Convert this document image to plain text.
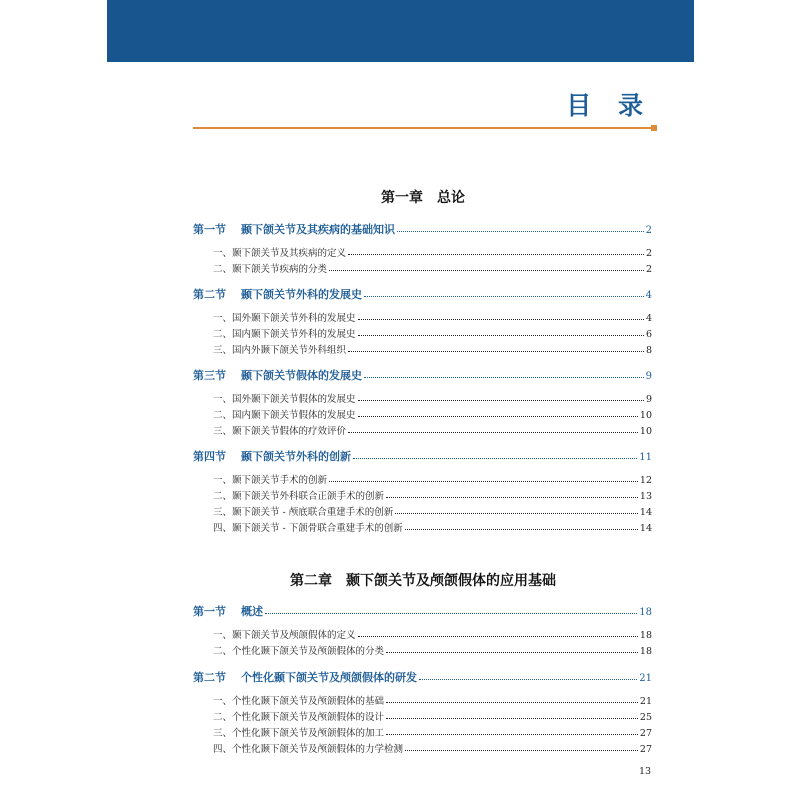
目 录
第一章　总论
第一节 颞下颌关节及其疾病的基础知识	2
一、颞下颌关节及其疾病的定义	2
二、颞下颌关节疾病的分类	2
第二节 颞下颌关节外科的发展史	4
一、国外颞下颌关节外科的发展史	4
二、国内颞下颌关节外科的发展史	6
三、国内外颞下颌关节外科组织	8
第三节 颞下颌关节假体的发展史	9
一、国外颞下颌关节假体的发展史	9
二、国内颞下颌关节假体的发展史	10
三、颞下颌关节假体的疗效评价	10
第四节 颞下颌关节外科的创新	11
一、颞下颌关节手术的创新	12
二、颞下颌关节外科联合正颌手术的创新	13
三、颞下颌关节 - 颅底联合重建手术的创新	14
四、颞下颌关节 - 下颌骨联合重建手术的创新	14
第二章　颞下颌关节及颅颌假体的应用基础
第一节 概述	18
一、颞下颌关节及颅颌假体的定义	18
二、个性化颞下颌关节及颅颌假体的分类	18
第二节 个性化颞下颌关节及颅颌假体的研发	21
一、个性化颞下颌关节及颅颌假体的基础	21
二、个性化颞下颌关节及颅颌假体的设计	25
三、个性化颞下颌关节及颅颌假体的加工	27
四、个性化颞下颌关节及颅颌假体的力学检测	27
13
